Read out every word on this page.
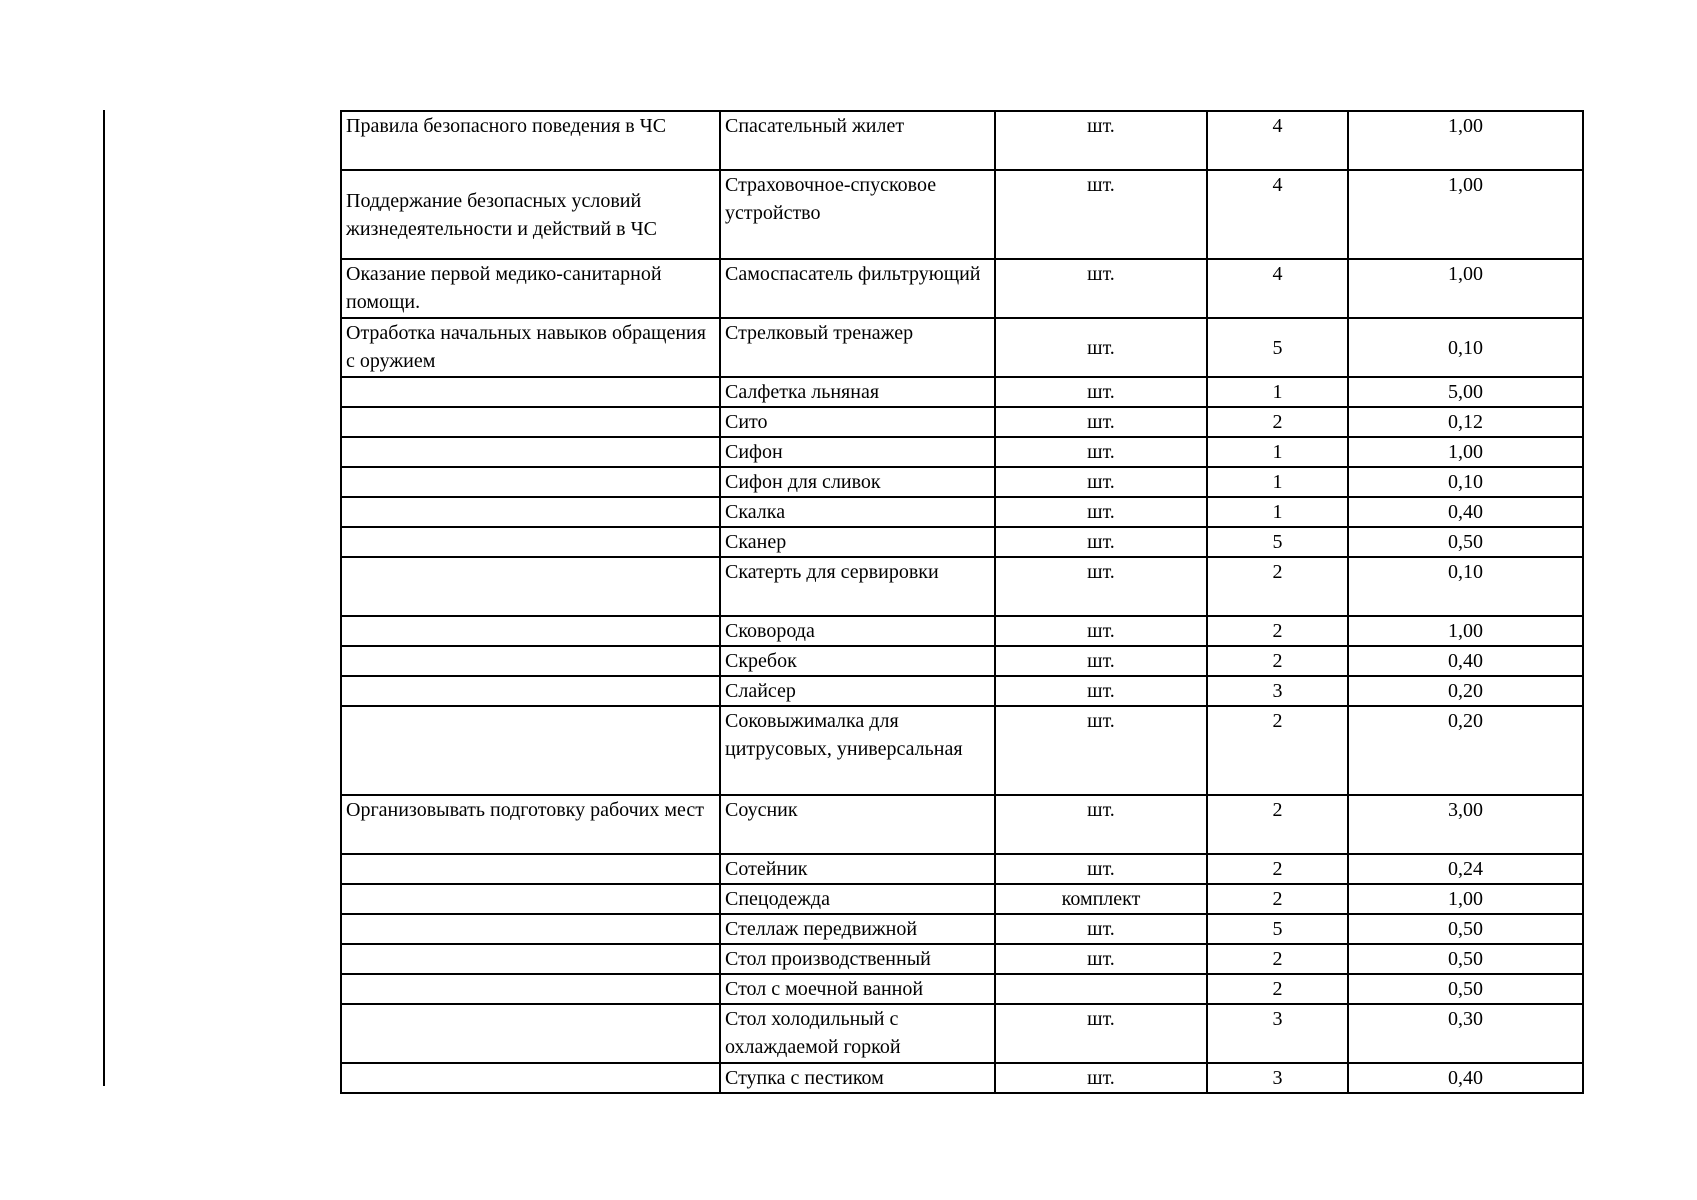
Правила безопасного поведения в ЧС	Спасательный жилет	шт.	4	1,00
Поддержание безопасных условий жизнедеятельности и действий в ЧС	Страховочное-спусковое устройство	шт.	4	1,00
Оказание первой медико-санитарной помощи.	Самоспасатель фильтрующий	шт.	4	1,00
Отработка начальных навыков обращения с оружием	Стрелковый тренажер	шт.	5	0,10
	Салфетка льняная	шт.	1	5,00
	Сито	шт.	2	0,12
	Сифон	шт.	1	1,00
	Сифон для сливок	шт.	1	0,10
	Скалка	шт.	1	0,40
	Сканер	шт.	5	0,50
	Скатерть для сервировки	шт.	2	0,10
	Сковорода	шт.	2	1,00
	Скребок	шт.	2	0,40
	Слайсер	шт.	3	0,20
	Соковыжималка для цитрусовых, универсальная	шт.	2	0,20
Организовывать подготовку рабочих мест	Соусник	шт.	2	3,00
	Сотейник	шт.	2	0,24
	Спецодежда	комплект	2	1,00
	Стеллаж передвижной	шт.	5	0,50
	Стол производственный	шт.	2	0,50
	Стол с моечной ванной		2	0,50
	Стол холодильный с охлаждаемой горкой	шт.	3	0,30
	Ступка с пестиком	шт.	3	0,40
